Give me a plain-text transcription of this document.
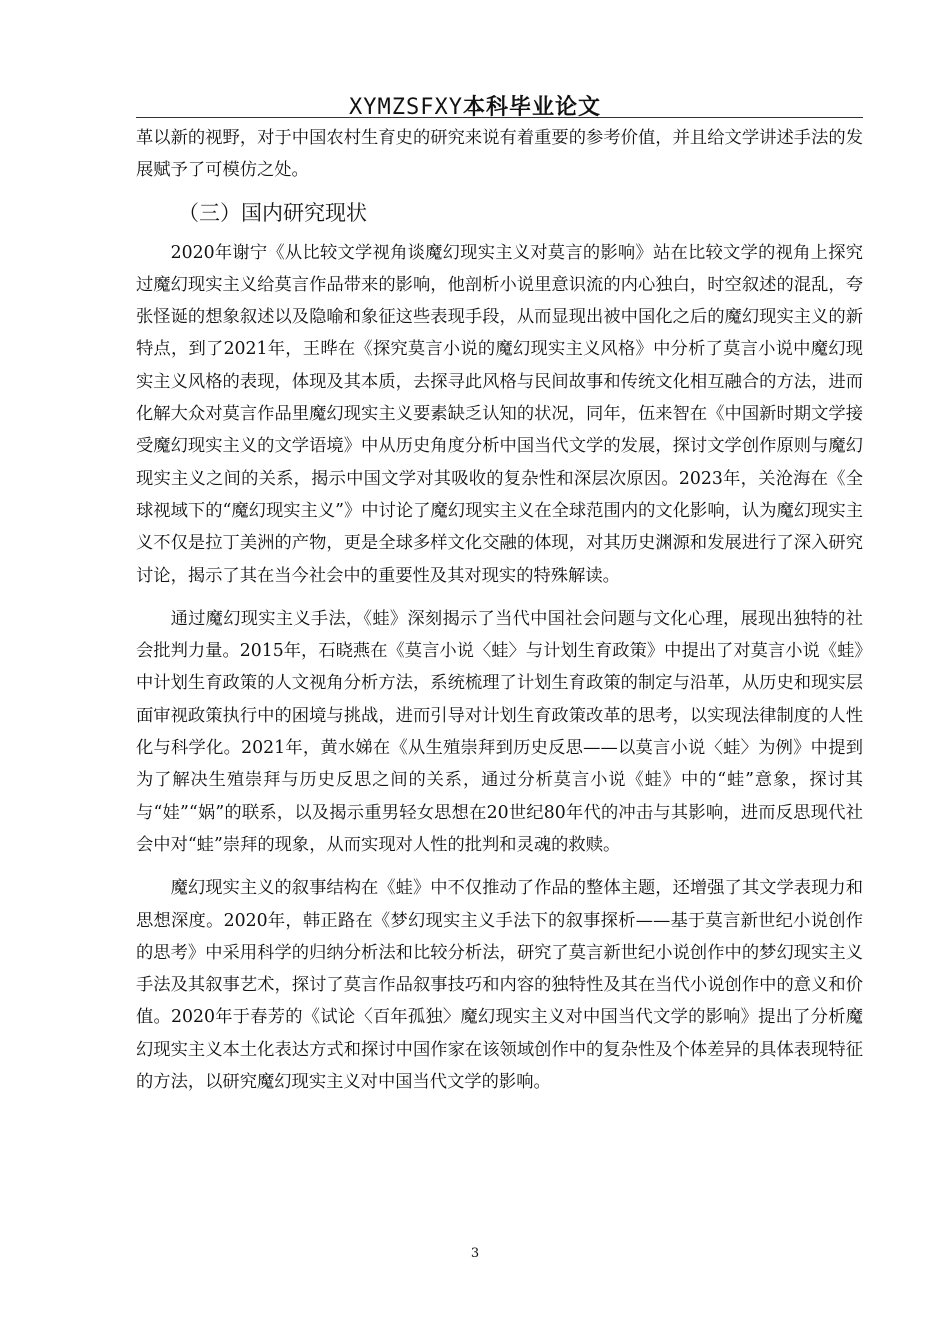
XYMZSFXY本科毕业论文

革以新的视野，对于中国农村生育史的研究来说有着重要的参考价值，并且给文学讲述手法的发展赋予了可模仿之处。

（三）国内研究现状

2020年谢宁《从比较文学视角谈魔幻现实主义对莫言的影响》站在比较文学的视角上探究过魔幻现实主义给莫言作品带来的影响，他剖析小说里意识流的内心独白，时空叙述的混乱，夸张怪诞的想象叙述以及隐喻和象征这些表现手段，从而显现出被中国化之后的魔幻现实主义的新特点，到了2021年，王晔在《探究莫言小说的魔幻现实主义风格》中分析了莫言小说中魔幻现实主义风格的表现，体现及其本质，去探寻此风格与民间故事和传统文化相互融合的方法，进而化解大众对莫言作品里魔幻现实主义要素缺乏认知的状况，同年，伍来智在《中国新时期文学接受魔幻现实主义的文学语境》中从历史角度分析中国当代文学的发展，探讨文学创作原则与魔幻现实主义之间的关系，揭示中国文学对其吸收的复杂性和深层次原因。2023年，关沧海在《全球视域下的“魔幻现实主义”》中讨论了魔幻现实主义在全球范围内的文化影响，认为魔幻现实主义不仅是拉丁美洲的产物，更是全球多样文化交融的体现，对其历史渊源和发展进行了深入研究讨论，揭示了其在当今社会中的重要性及其对现实的特殊解读。

通过魔幻现实主义手法，《蛙》深刻揭示了当代中国社会问题与文化心理，展现出独特的社会批判力量。2015年，石晓燕在《莫言小说〈蛙〉与计划生育政策》中提出了对莫言小说《蛙》中计划生育政策的人文视角分析方法，系统梳理了计划生育政策的制定与沿革，从历史和现实层面审视政策执行中的困境与挑战，进而引导对计划生育政策改革的思考，以实现法律制度的人性化与科学化。2021年，黄水娣在《从生殖崇拜到历史反思——以莫言小说〈蛙〉为例》中提到为了解决生殖崇拜与历史反思之间的关系，通过分析莫言小说《蛙》中的“蛙”意象，探讨其与“娃”“娲”的联系，以及揭示重男轻女思想在20世纪80年代的冲击与其影响，进而反思现代社会中对“蛙”崇拜的现象，从而实现对人性的批判和灵魂的救赎。

魔幻现实主义的叙事结构在《蛙》中不仅推动了作品的整体主题，还增强了其文学表现力和思想深度。2020年，韩正路在《梦幻现实主义手法下的叙事探析——基于莫言新世纪小说创作的思考》中采用科学的归纳分析法和比较分析法，研究了莫言新世纪小说创作中的梦幻现实主义手法及其叙事艺术，探讨了莫言作品叙事技巧和内容的独特性及其在当代小说创作中的意义和价值。2020年于春芳的《试论〈百年孤独〉魔幻现实主义对中国当代文学的影响》提出了分析魔幻现实主义本土化表达方式和探讨中国作家在该领域创作中的复杂性及个体差异的具体表现特征的方法，以研究魔幻现实主义对中国当代文学的影响。

3
